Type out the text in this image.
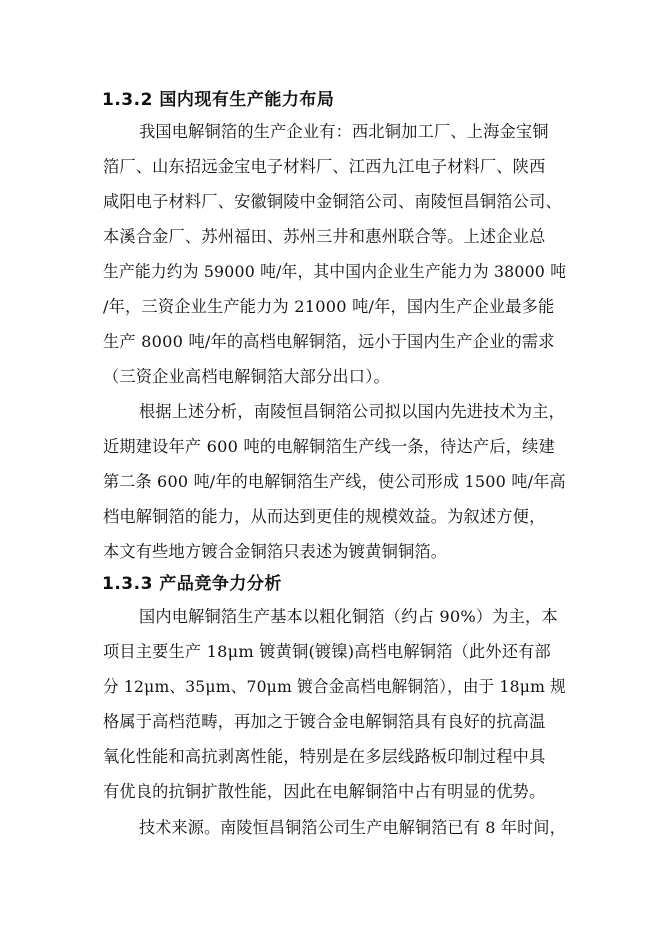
1.3.2 国内现有生产能力布局
我国电解铜箔的生产企业有：西北铜加工厂、上海金宝铜
箔厂、山东招远金宝电子材料厂、江西九江电子材料厂、陕西
咸阳电子材料厂、安徽铜陵中金铜箔公司、南陵恒昌铜箔公司、
本溪合金厂、苏州福田、苏州三井和惠州联合等。上述企业总
生产能力约为 59000 吨/年，其中国内企业生产能力为 38000 吨
/年，三资企业生产能力为 21000 吨/年，国内生产企业最多能
生产 8000 吨/年的高档电解铜箔，远小于国内生产企业的需求
（三资企业高档电解铜箔大部分出口）。
根据上述分析，南陵恒昌铜箔公司拟以国内先进技术为主，
近期建设年产 600 吨的电解铜箔生产线一条，待达产后，续建
第二条 600 吨/年的电解铜箔生产线，使公司形成 1500 吨/年高
档电解铜箔的能力，从而达到更佳的规模效益。为叙述方便，
本文有些地方镀合金铜箔只表述为镀黄铜铜箔。
1.3.3 产品竞争力分析
国内电解铜箔生产基本以粗化铜箔（约占 90%）为主，本
项目主要生产 18μm 镀黄铜(镀镍)高档电解铜箔（此外还有部
分 12μm、35μm、70μm 镀合金高档电解铜箔），由于 18μm 规
格属于高档范畴，再加之于镀合金电解铜箔具有良好的抗高温
氧化性能和高抗剥离性能，特别是在多层线路板印制过程中具
有优良的抗铜扩散性能，因此在电解铜箔中占有明显的优势。
技术来源。南陵恒昌铜箔公司生产电解铜箔已有 8 年时间，
